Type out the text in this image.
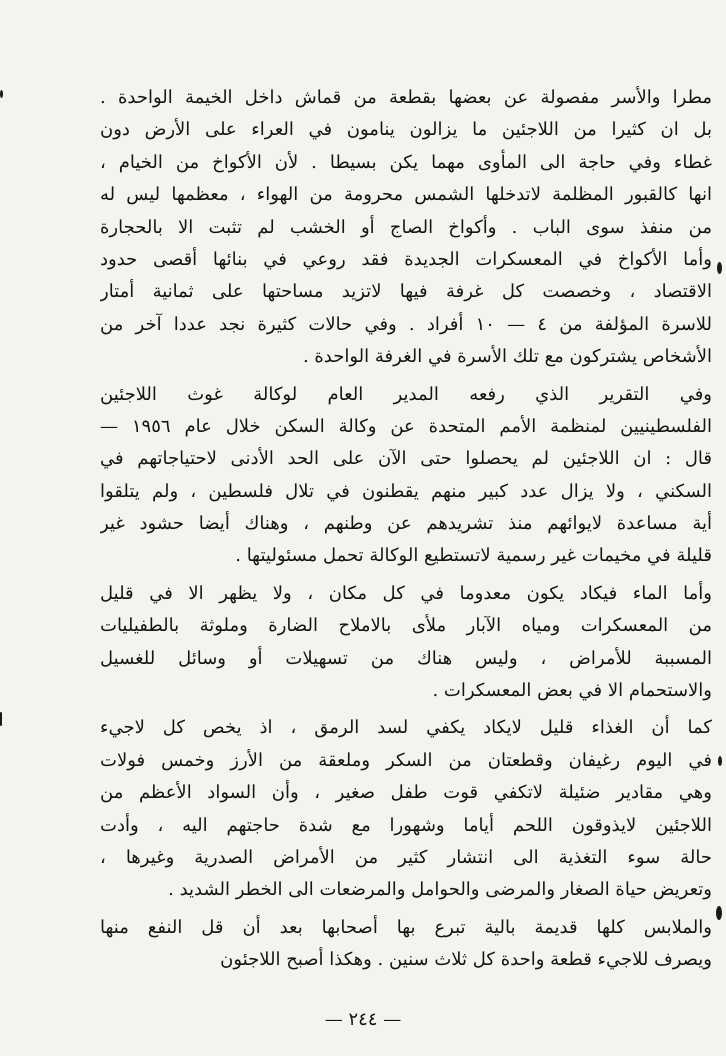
مطرا والأسر مفصولة عن بعضها بقطعة من قماش داخل الخيمة الواحدة .
بل ان كثيرا من اللاجئين ما يزالون ينامون في العراء على الأرض دون
غطاء وفي حاجة الى المأوى مهما يكن بسيطا . لأن الأكواخ من الخيام ،
انها كالقبور المظلمة لاتدخلها الشمس محرومة من الهواء ، معظمها ليس له
من منفذ سوى الباب . وأكواخ الصاج أو الخشب لم تثبت الا بالحجارة
وأما الأكواخ في المعسكرات الجديدة فقد روعي في بنائها أقصى حدود
الاقتصاد ، وخصصت كل غرفة فيها لاتزيد مساحتها على ثمانية أمتار
للاسرة المؤلفة من ٤ — ١٠ أفراد . وفي حالات كثيرة نجد عددا آخر من
الأشخاص يشتركون مع تلك الأسرة في الغرفة الواحدة .
وفي التقرير الذي رفعه المدير العام لوكالة غوث اللاجئين
الفلسطينيين لمنظمة الأمم المتحدة عن وكالة السكن خلال عام ١٩٥٦ —
قال : ان اللاجئين لم يحصلوا حتى الآن على الحد الأدنى لاحتياجاتهم في
السكني ، ولا يزال عدد كبير منهم يقطنون في تلال فلسطين ، ولم يتلقوا
أية مساعدة لايوائهم منذ تشريدهم عن وطنهم ، وهناك أيضا حشود غير
قليلة في مخيمات غير رسمية لاتستطيع الوكالة تحمل مسئوليتها .
وأما الماء فيكاد يكون معدوما في كل مكان ، ولا يظهر الا في قليل
من المعسكرات ومياه الآبار ملأى بالاملاح الضارة وملوثة بالطفيليات
المسببة للأمراض ، وليس هناك من تسهيلات أو وسائل للغسيل
والاستحمام الا في بعض المعسكرات .
كما أن الغذاء قليل لايكاد يكفي لسد الرمق ، اذ يخص كل لاجيء
في اليوم رغيفان وقطعتان من السكر وملعقة من الأرز وخمس فولات
وهي مقادير ضئيلة لاتكفي قوت طفل صغير ، وأن السواد الأعظم من
اللاجئين لايذوقون اللحم أياما وشهورا مع شدة حاجتهم اليه ، وأدت
حالة سوء التغذية الى انتشار كثير من الأمراض الصدرية وغيرها ،
وتعريض حياة الصغار والمرضى والحوامل والمرضعات الى الخطر الشديد .
والملابس كلها قديمة بالية تبرع بها أصحابها بعد أن قل النفع منها
ويصرف للاجيء قطعة واحدة كل ثلاث سنين . وهكذا أصبح اللاجئون
— ٢٤٤ —
